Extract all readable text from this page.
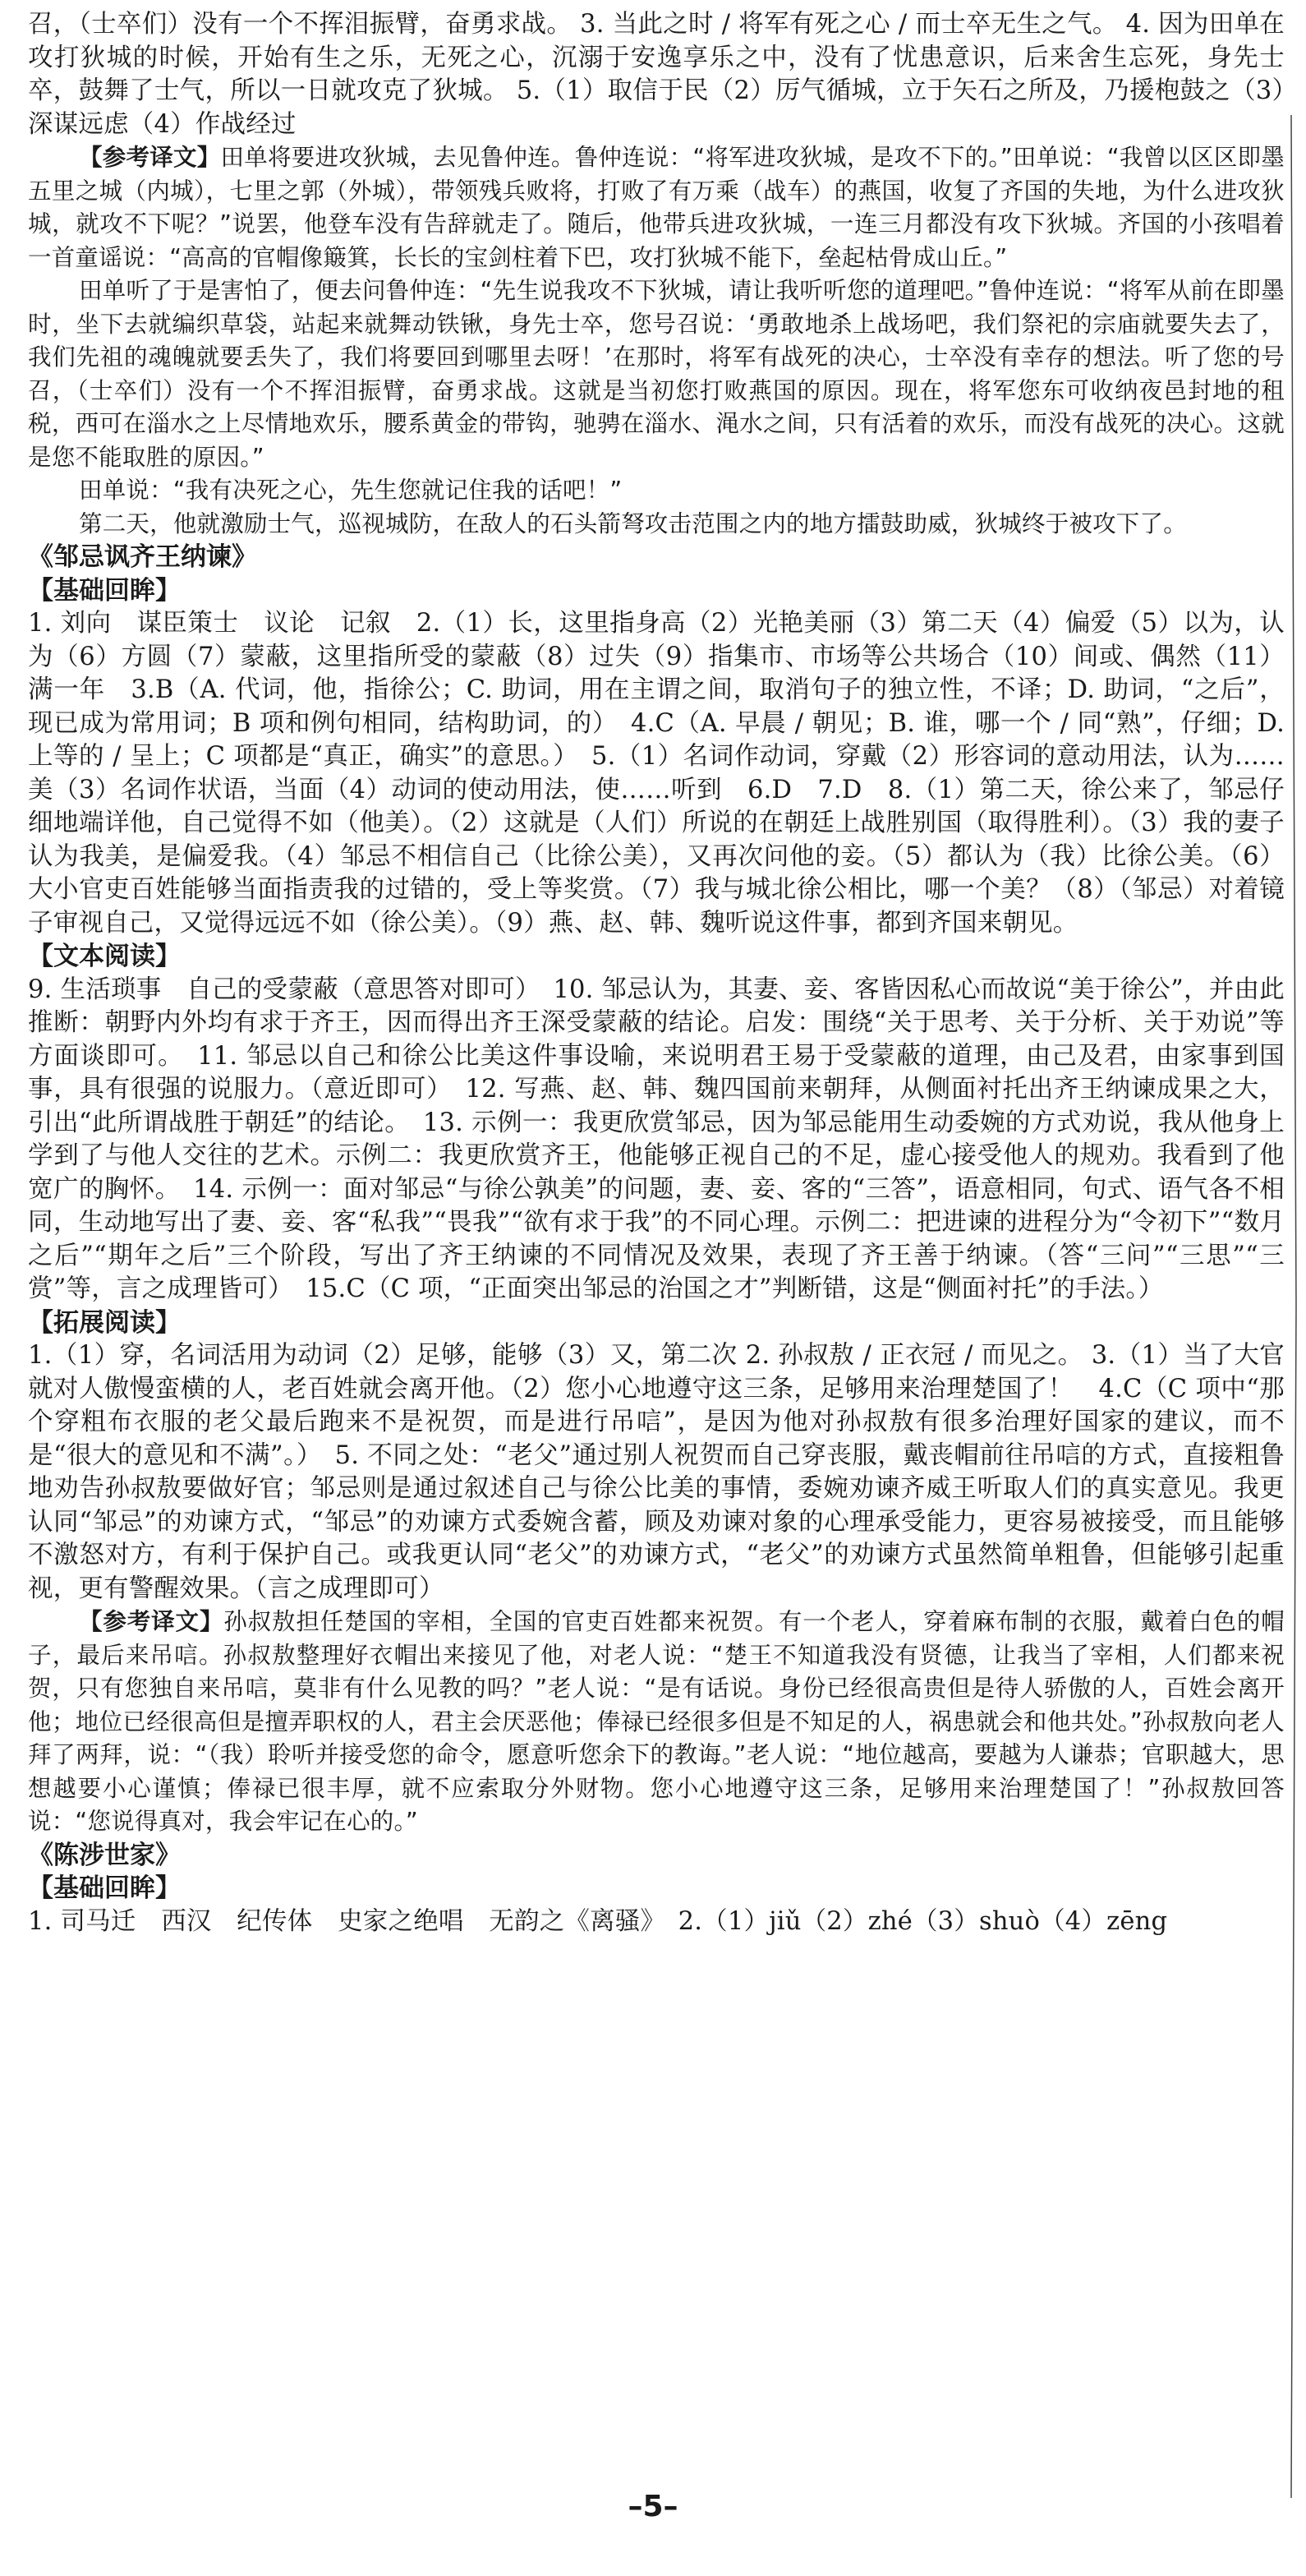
召，（士卒们）没有一个不挥泪振臂，奋勇求战。 3. 当此之时 / 将军有死之心 / 而士卒无生之气。 4. 因为田单在攻打狄城的时候，开始有生之乐，无死之心，沉溺于安逸享乐之中，没有了忧患意识，后来舍生忘死，身先士卒，鼓舞了士气，所以一日就攻克了狄城。 5.（1）取信于民（2）厉气循城，立于矢石之所及，乃援枹鼓之（3）深谋远虑（4）作战经过
【参考译文】田单将要进攻狄城，去见鲁仲连。鲁仲连说：“将军进攻狄城，是攻不下的。”田单说：“我曾以区区即墨五里之城（内城），七里之郭（外城），带领残兵败将，打败了有万乘（战车）的燕国，收复了齐国的失地，为什么进攻狄城，就攻不下呢？”说罢，他登车没有告辞就走了。随后，他带兵进攻狄城，一连三月都没有攻下狄城。齐国的小孩唱着一首童谣说：“高高的官帽像簸箕，长长的宝剑柱着下巴，攻打狄城不能下，垒起枯骨成山丘。”
田单听了于是害怕了，便去问鲁仲连：“先生说我攻不下狄城，请让我听听您的道理吧。”鲁仲连说：“将军从前在即墨时，坐下去就编织草袋，站起来就舞动铁锹，身先士卒，您号召说：‘勇敢地杀上战场吧，我们祭祀的宗庙就要失去了，我们先祖的魂魄就要丢失了，我们将要回到哪里去呀！’在那时，将军有战死的决心，士卒没有幸存的想法。听了您的号召，（士卒们）没有一个不挥泪振臂，奋勇求战。这就是当初您打败燕国的原因。现在，将军您东可收纳夜邑封地的租税，西可在淄水之上尽情地欢乐，腰系黄金的带钩，驰骋在淄水、渑水之间，只有活着的欢乐，而没有战死的决心。这就是您不能取胜的原因。”
田单说：“我有决死之心，先生您就记住我的话吧！”
第二天，他就激励士气，巡视城防，在敌人的石头箭弩攻击范围之内的地方擂鼓助威，狄城终于被攻下了。
《邹忌讽齐王纳谏》
【基础回眸】
1. 刘向　谋臣策士　议论　记叙　2.（1）长，这里指身高（2）光艳美丽（3）第二天（4）偏爱（5）以为，认为（6）方圆（7）蒙蔽，这里指所受的蒙蔽（8）过失（9）指集市、市场等公共场合（10）间或、偶然（11）满一年　3.B（A. 代词，他，指徐公；C. 助词，用在主谓之间，取消句子的独立性，不译；D. 助词，“之后”，现已成为常用词；B 项和例句相同，结构助词，的）　4.C（A. 早晨 / 朝见；B. 谁，哪一个 / 同“熟”，仔细；D. 上等的 / 呈上；C 项都是“真正，确实”的意思。）　5.（1）名词作动词，穿戴（2）形容词的意动用法，认为……美（3）名词作状语，当面（4）动词的使动用法，使……听到　6.D　7.D　8.（1）第二天，徐公来了，邹忌仔细地端详他，自己觉得不如（他美）。（2）这就是（人们）所说的在朝廷上战胜别国（取得胜利）。（3）我的妻子认为我美，是偏爱我。（4）邹忌不相信自己（比徐公美），又再次问他的妾。（5）都认为（我）比徐公美。（6）大小官吏百姓能够当面指责我的过错的，受上等奖赏。（7）我与城北徐公相比，哪一个美？（8）（邹忌）对着镜子审视自己，又觉得远远不如（徐公美）。（9）燕、赵、韩、魏听说这件事，都到齐国来朝见。
【文本阅读】
9. 生活琐事　自己的受蒙蔽（意思答对即可）　10. 邹忌认为，其妻、妾、客皆因私心而故说“美于徐公”，并由此推断：朝野内外均有求于齐王，因而得出齐王深受蒙蔽的结论。启发：围绕“关于思考、关于分析、关于劝说”等方面谈即可。　11. 邹忌以自己和徐公比美这件事设喻，来说明君王易于受蒙蔽的道理，由己及君，由家事到国事，具有很强的说服力。（意近即可）　12. 写燕、赵、韩、魏四国前来朝拜，从侧面衬托出齐王纳谏成果之大，引出“此所谓战胜于朝廷”的结论。　13. 示例一：我更欣赏邹忌，因为邹忌能用生动委婉的方式劝说，我从他身上学到了与他人交往的艺术。示例二：我更欣赏齐王，他能够正视自己的不足，虚心接受他人的规劝。我看到了他宽广的胸怀。　14. 示例一：面对邹忌“与徐公孰美”的问题，妻、妾、客的“三答”，语意相同，句式、语气各不相同，生动地写出了妻、妾、客“私我”“畏我”“欲有求于我”的不同心理。示例二：把进谏的进程分为“令初下”“数月之后”“期年之后”三个阶段，写出了齐王纳谏的不同情况及效果，表现了齐王善于纳谏。（答“三问”“三思”“三赏”等，言之成理皆可）　15.C（C 项，“正面突出邹忌的治国之才”判断错，这是“侧面衬托”的手法。）
【拓展阅读】
1.（1）穿，名词活用为动词（2）足够，能够（3）又，第二次 2. 孙叔敖 / 正衣冠 / 而见之。 3.（1）当了大官就对人傲慢蛮横的人，老百姓就会离开他。（2）您小心地遵守这三条，足够用来治理楚国了！　4.C（C 项中“那个穿粗布衣服的老父最后跑来不是祝贺，而是进行吊唁”，是因为他对孙叔敖有很多治理好国家的建议，而不是“很大的意见和不满”。）　5. 不同之处：“老父”通过别人祝贺而自己穿丧服，戴丧帽前往吊唁的方式，直接粗鲁地劝告孙叔敖要做好官；邹忌则是通过叙述自己与徐公比美的事情，委婉劝谏齐威王听取人们的真实意见。我更认同“邹忌”的劝谏方式，“邹忌”的劝谏方式委婉含蓄，顾及劝谏对象的心理承受能力，更容易被接受，而且能够不激怒对方，有利于保护自己。或我更认同“老父”的劝谏方式，“老父”的劝谏方式虽然简单粗鲁，但能够引起重视，更有警醒效果。（言之成理即可）
【参考译文】孙叔敖担任楚国的宰相，全国的官吏百姓都来祝贺。有一个老人，穿着麻布制的衣服，戴着白色的帽子，最后来吊唁。孙叔敖整理好衣帽出来接见了他，对老人说：“楚王不知道我没有贤德，让我当了宰相，人们都来祝贺，只有您独自来吊唁，莫非有什么见教的吗？”老人说：“是有话说。身份已经很高贵但是待人骄傲的人，百姓会离开他；地位已经很高但是擅弄职权的人，君主会厌恶他；俸禄已经很多但是不知足的人，祸患就会和他共处。”孙叔敖向老人拜了两拜，说：“（我）聆听并接受您的命令，愿意听您余下的教诲。”老人说：“地位越高，要越为人谦恭；官职越大，思想越要小心谨慎；俸禄已很丰厚，就不应索取分外财物。您小心地遵守这三条，足够用来治理楚国了！”孙叔敖回答说：“您说得真对，我会牢记在心的。”
《陈涉世家》
【基础回眸】
1. 司马迁　西汉　纪传体　史家之绝唱　无韵之《离骚》　2.（1）jiǔ（2）zhé（3）shuò（4）zēng
–5–
